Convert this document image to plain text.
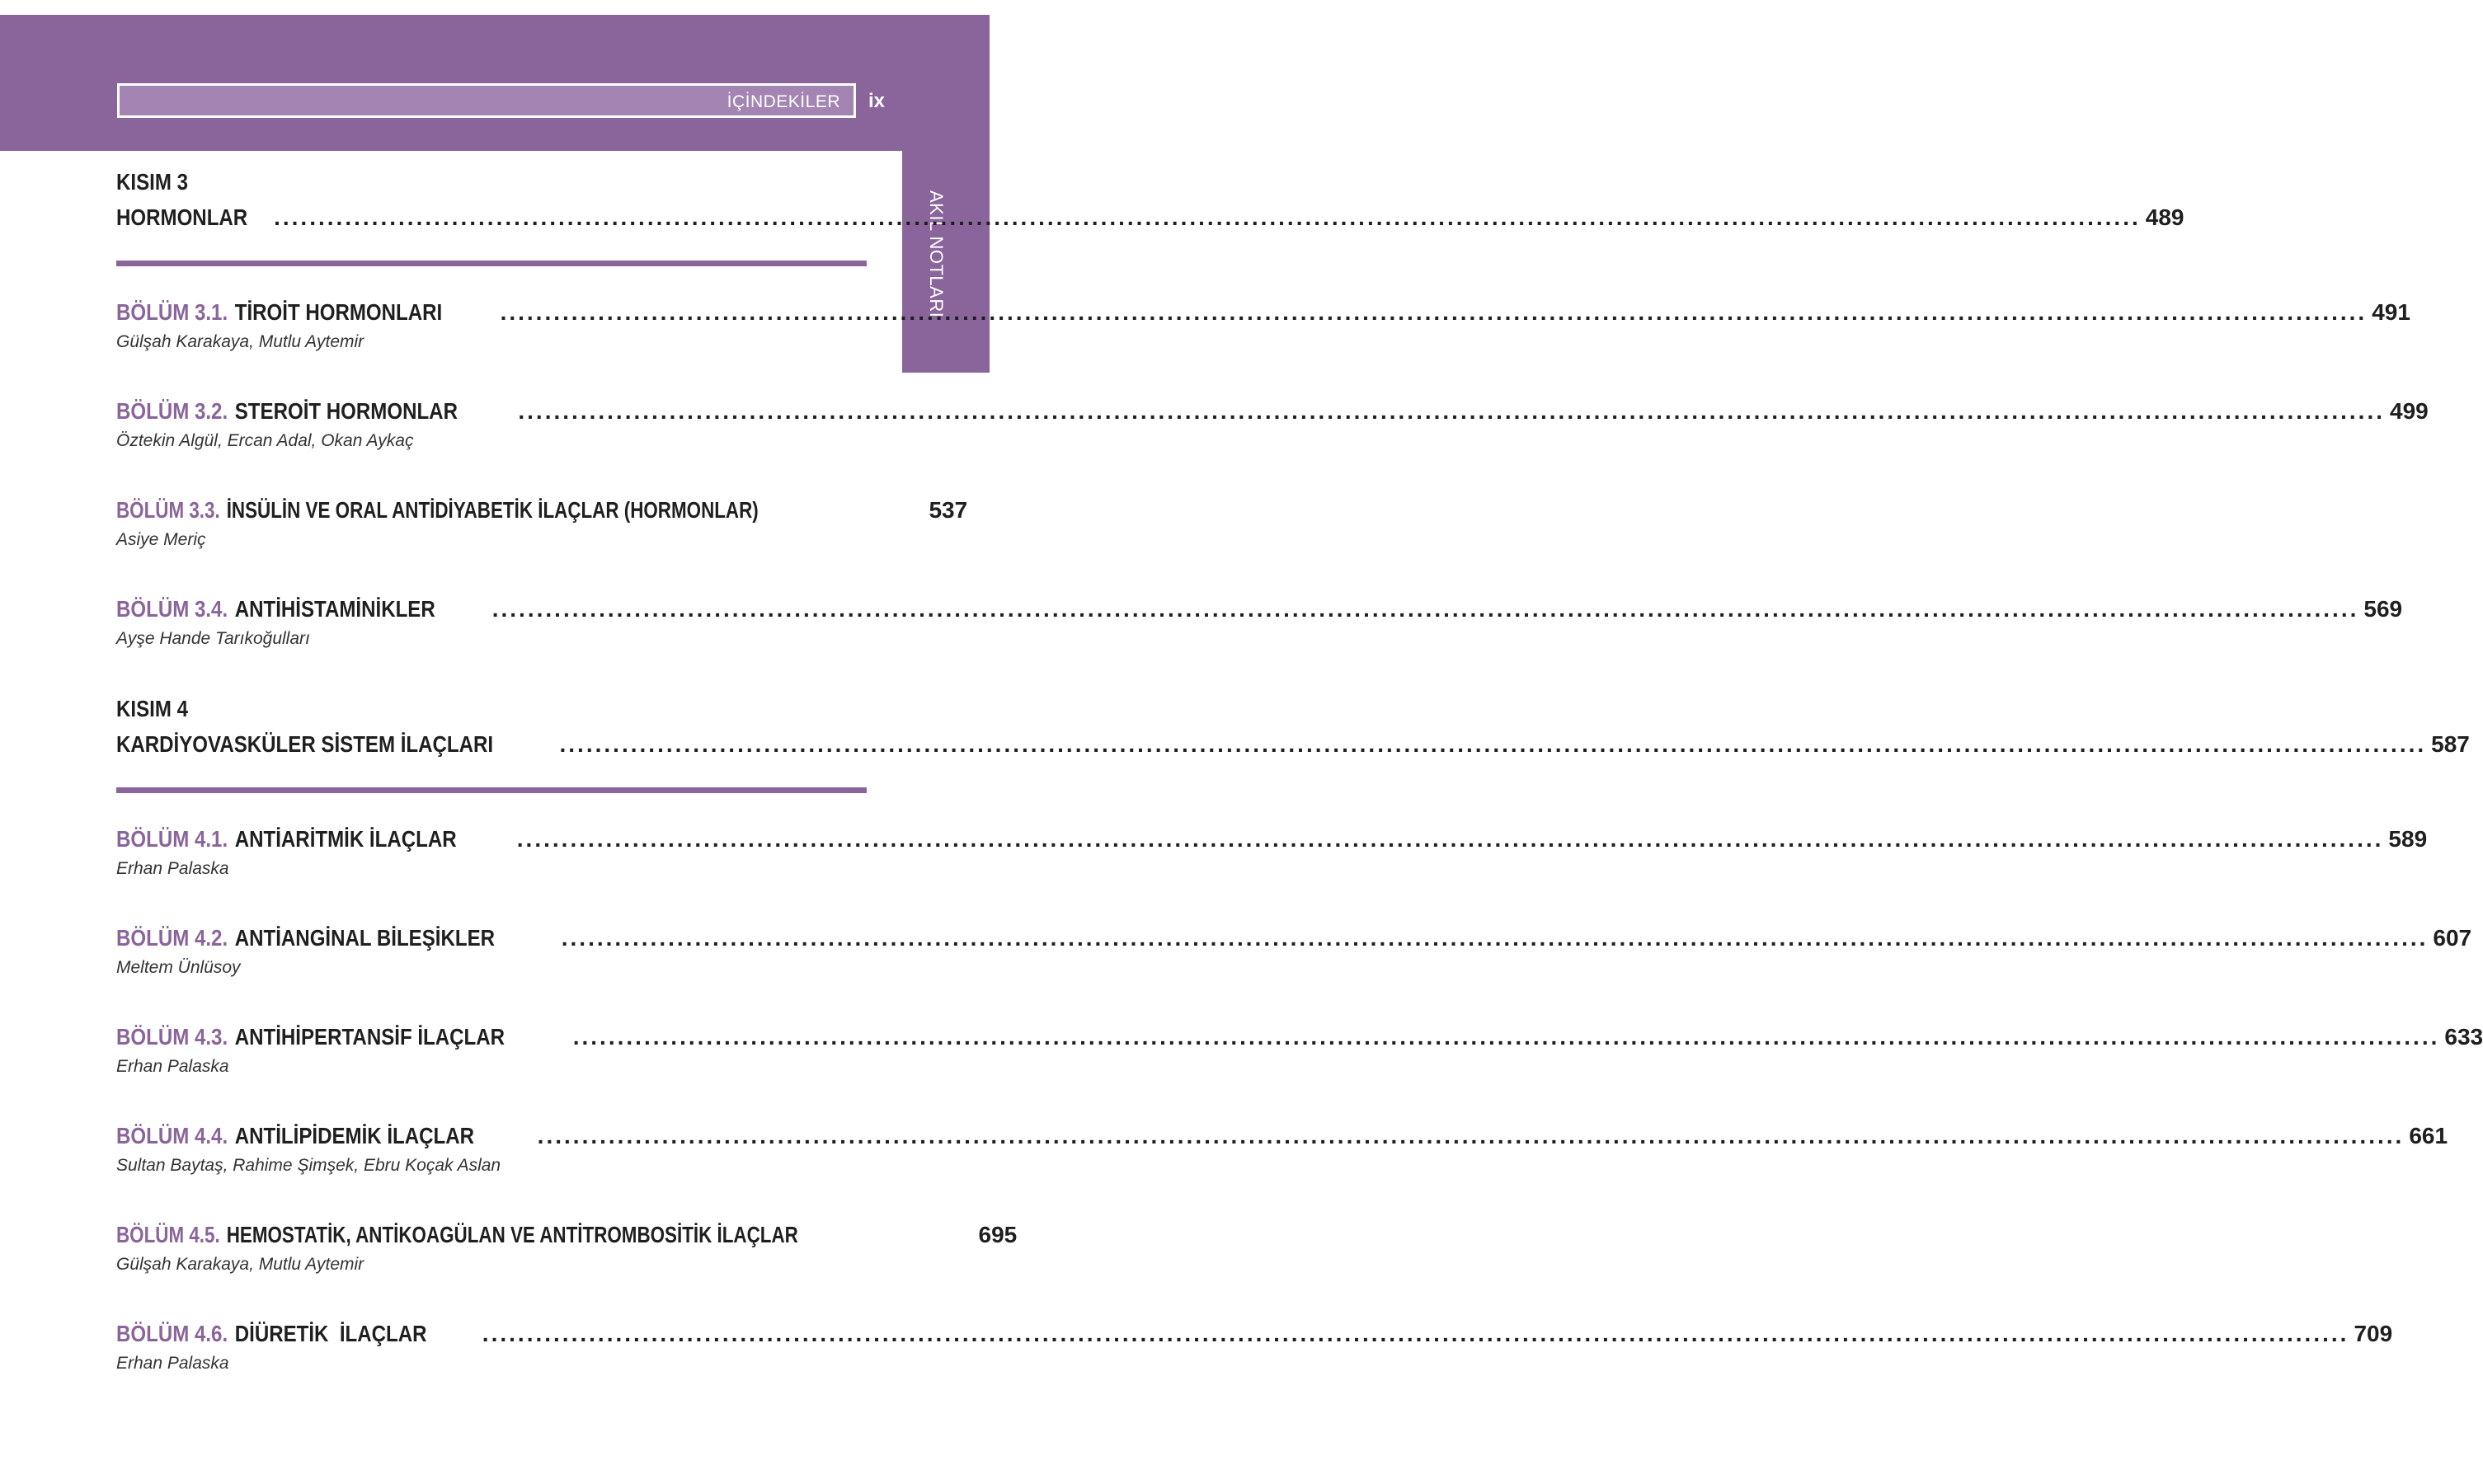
İÇİNDEKİLER ix
AKIL NOTLARI
KISIM 3
HORMONLAR .....	489
BÖLÜM 3.1. TİROİT HORMONLARI .....	491
Gülşah Karakaya, Mutlu Aytemir
BÖLÜM 3.2. STEROİT HORMONLAR .....	499
Öztekin Algül, Ercan Adal, Okan Aykaç
BÖLÜM 3.3. İNSÜLİN VE ORAL ANTİDİYABETİK İLAÇLAR (HORMONLAR)	537
Asiye Meriç
BÖLÜM 3.4. ANTİHİSTAMİNİKLER .....	569
Ayşe Hande Tarıkoğulları
KISIM 4
KARDİYOVASKÜLER SİSTEM İLAÇLARI .....	587
BÖLÜM 4.1. ANTİARİTMİK İLAÇLAR .....	589
Erhan Palaska
BÖLÜM 4.2. ANTİANGİNAL BİLEŞİKLER .....	607
Meltem Ünlüsoy
BÖLÜM 4.3. ANTİHİPERTANSİF İLAÇLAR .....	633
Erhan Palaska
BÖLÜM 4.4. ANTİLİPİDEMİK İLAÇLAR .....	661
Sultan Baytaş, Rahime Şimşek, Ebru Koçak Aslan
BÖLÜM 4.5. HEMOSTATİK, ANTİKOAGÜLAN VE ANTİTROMBOSİTİK İLAÇLAR	695
Gülşah Karakaya, Mutlu Aytemir
BÖLÜM 4.6. DİÜRETİK  İLAÇLAR .....	709
Erhan Palaska
